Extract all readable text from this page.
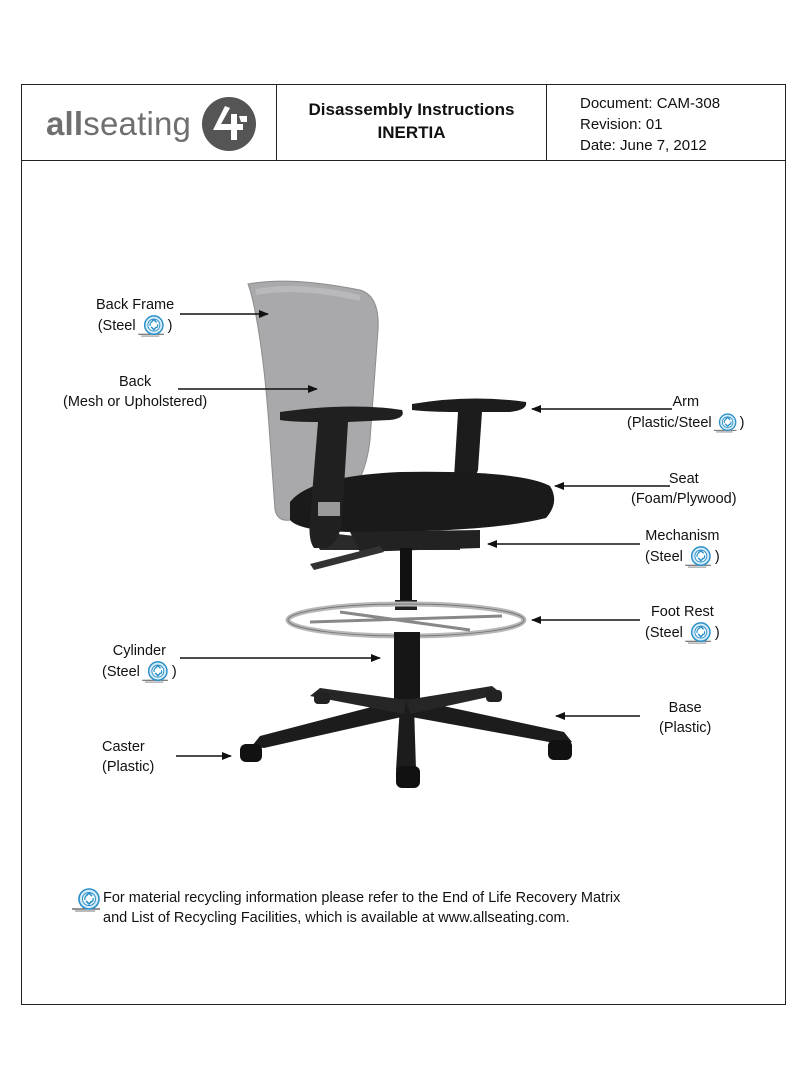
allseating	Disassembly Instructions
INERTIA
Document: CAM-308
Revision: 01
Date: June 7, 2012
Back Frame
(Steel )
Back
(Mesh or Upholstered)	Arm
(Plastic/Steel )
Seat
(Foam/Plywood)
Mechanism
(Steel )
Foot Rest
(Steel )
Cylinder
(Steel )
Base
(Plastic)
Caster
(Plastic)
For material recycling information please refer to the End of Life Recovery Matrix
and List of Recycling Facilities, which is available at www.allseating.com.
